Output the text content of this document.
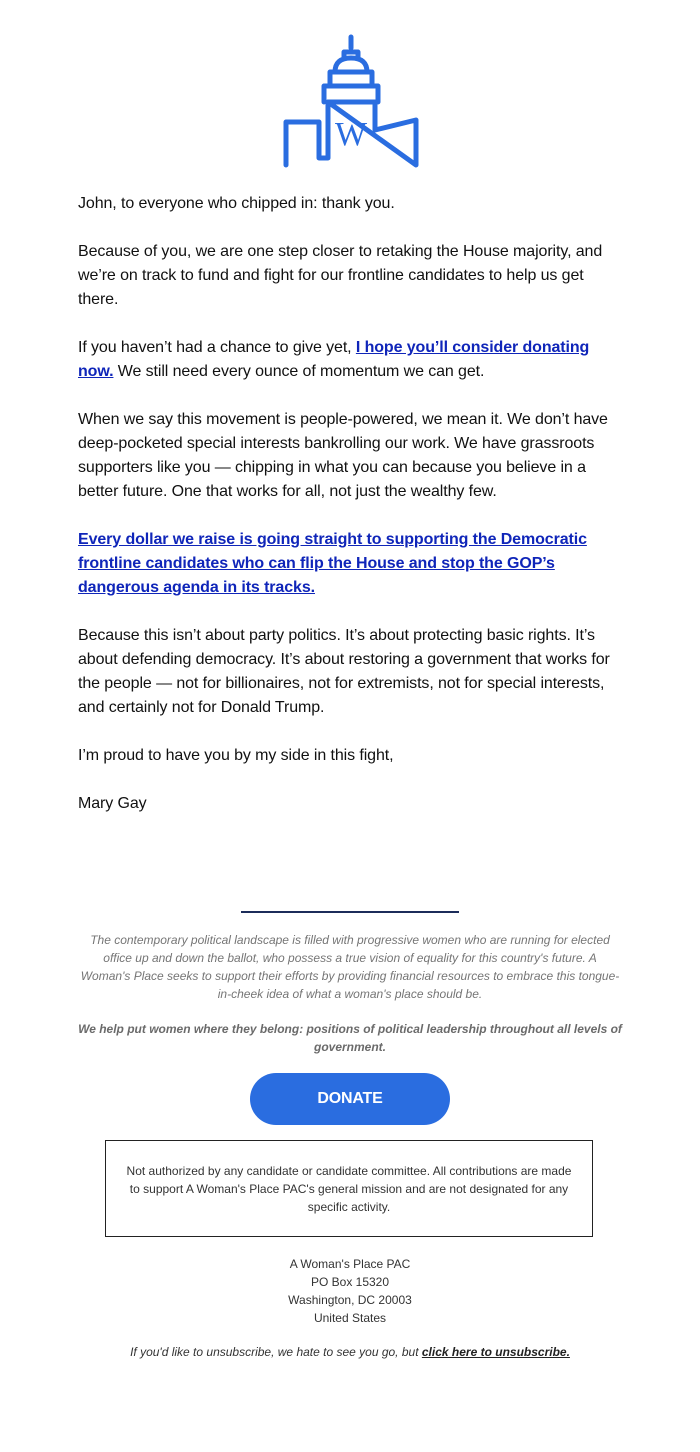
W

John, to everyone who chipped in: thank you.

Because of you, we are one step closer to retaking the House majority, and we’re on track to fund and fight for our frontline candidates to help us get there.

If you haven’t had a chance to give yet, I hope you’ll consider donating now. We still need every ounce of momentum we can get.

When we say this movement is people-powered, we mean it. We don’t have deep-pocketed special interests bankrolling our work. We have grassroots supporters like you — chipping in what you can because you believe in a better future. One that works for all, not just the wealthy few.

Every dollar we raise is going straight to supporting the Democratic frontline candidates who can flip the House and stop the GOP’s dangerous agenda in its tracks.

Because this isn’t about party politics. It’s about protecting basic rights. It’s about defending democracy. It’s about restoring a government that works for the people — not for billionaires, not for extremists, not for special interests, and certainly not for Donald Trump.

I’m proud to have you by my side in this fight,

Mary Gay

The contemporary political landscape is filled with progressive women who are running for elected office up and down the ballot, who possess a true vision of equality for this country's future. A Woman's Place seeks to support their efforts by providing financial resources to embrace this tongue-in-cheek idea of what a woman's place should be.

We help put women where they belong: positions of political leadership throughout all levels of government.

DONATE
Not authorized by any candidate or candidate committee. All contributions are made to support A Woman's Place PAC's general mission and are not designated for any specific activity.
A Woman's Place PAC
PO Box 15320
Washington, DC 20003
United States
If you'd like to unsubscribe, we hate to see you go, but click here to unsubscribe.
